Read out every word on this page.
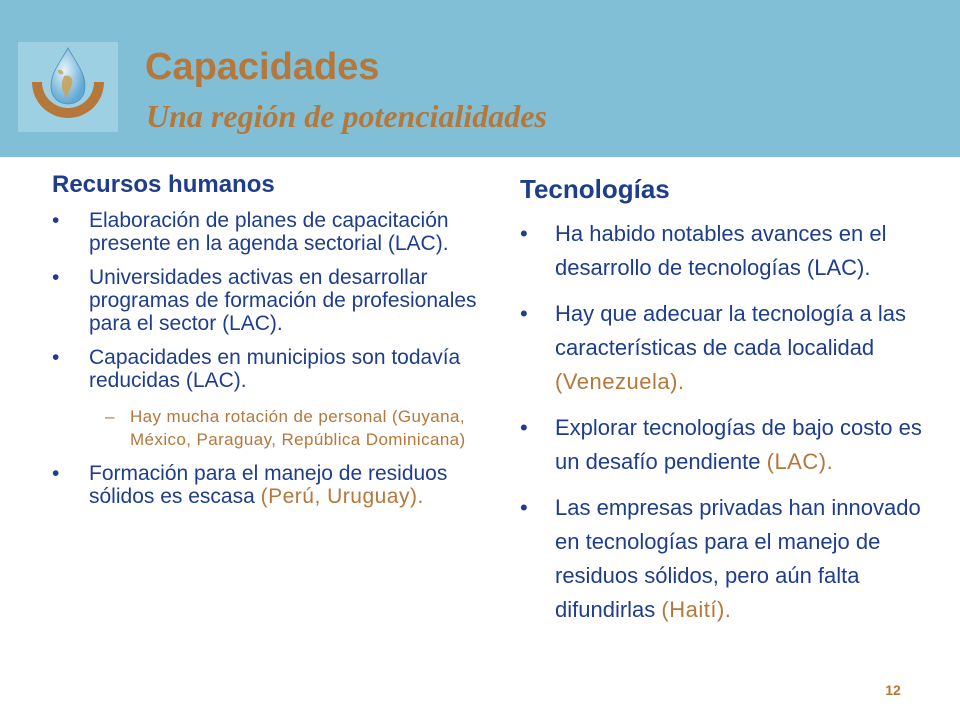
Capacidades
Una región de potencialidades
Recursos humanos
• Elaboración de planes de capacitación presente en la agenda sectorial (LAC).
• Universidades activas en desarrollar programas de formación de profesionales para el sector (LAC).
• Capacidades en municipios son todavía reducidas (LAC).
– Hay mucha rotación de personal (Guyana, México, Paraguay, República Dominicana)
• Formación para el manejo de residuos sólidos es escasa (Perú, Uruguay).
Tecnologías
• Ha habido notables avances en el desarrollo de tecnologías (LAC).
• Hay que adecuar la tecnología a las características de cada localidad (Venezuela).
• Explorar tecnologías de bajo costo es un desafío pendiente (LAC).
• Las empresas privadas han innovado en tecnologías para el manejo de residuos sólidos, pero aún falta difundirlas (Haití).
12
